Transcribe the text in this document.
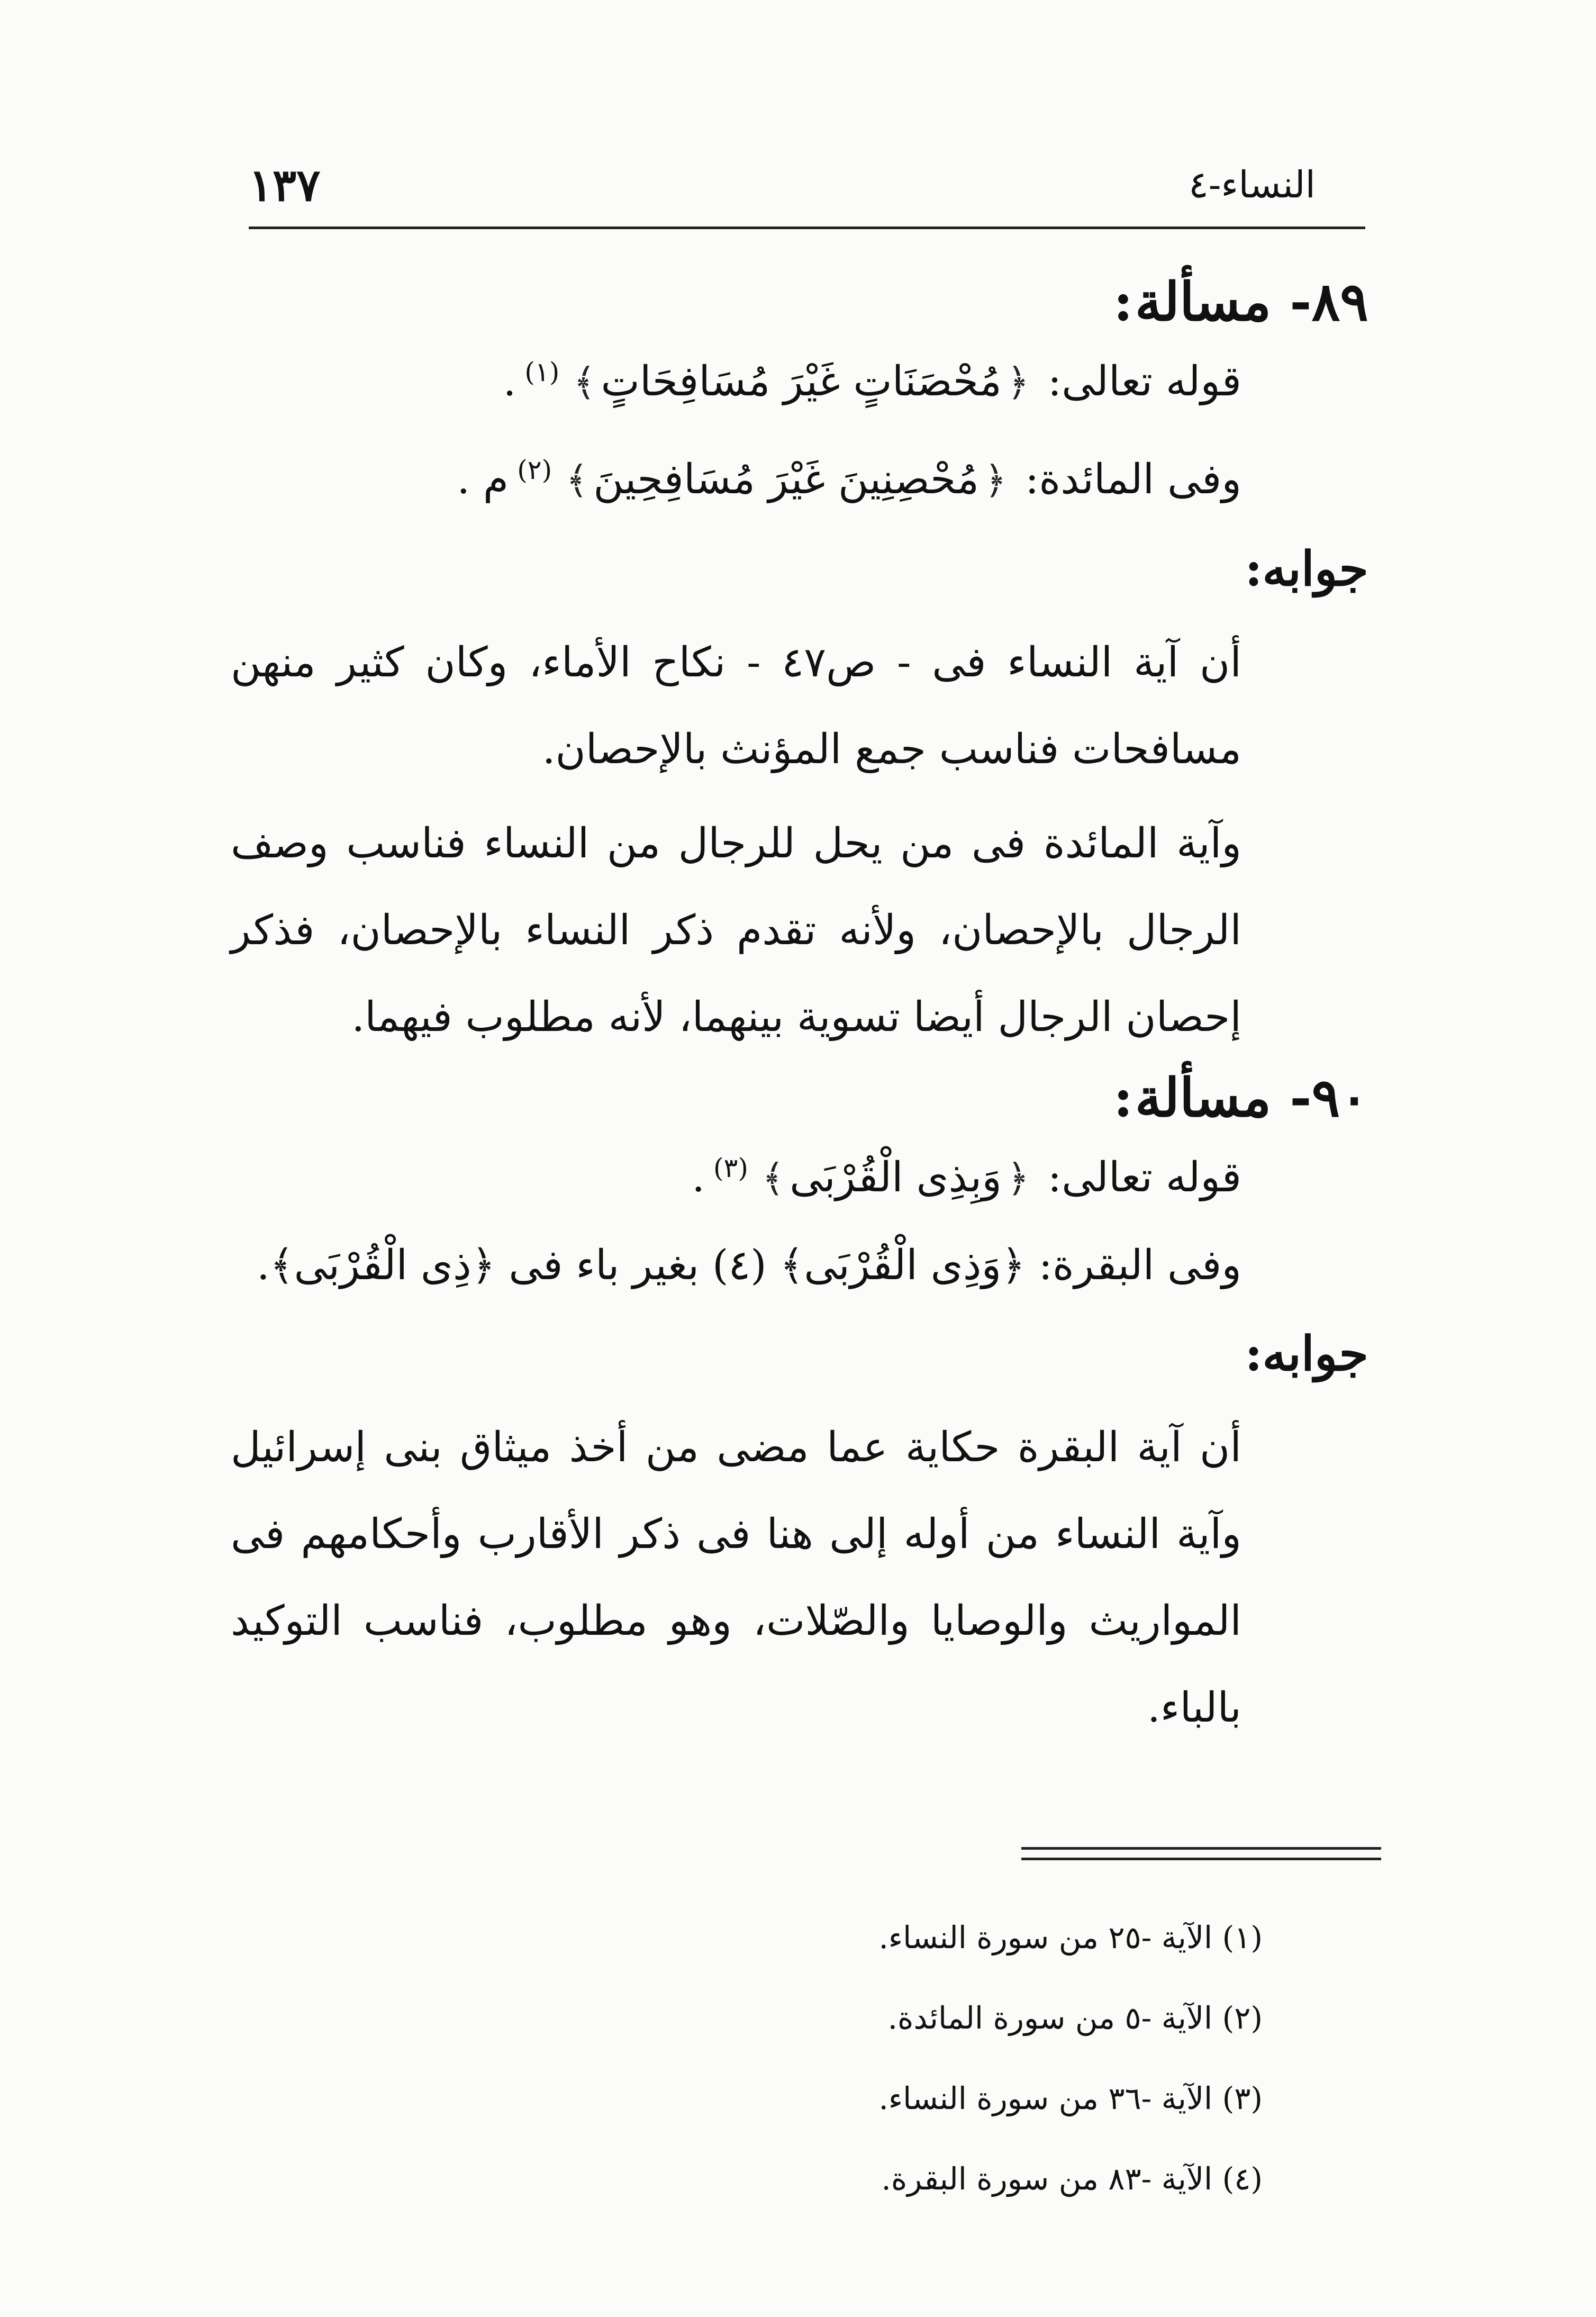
١٣٧	النساء-٤
٨٩- مسألة:
قوله تعالى: ﴿مُحْصَنَاتٍ غَيْرَ مُسَافِحَاتٍ﴾$^{(١)}$.
وفى المائدة: ﴿مُحْصِنِينَ غَيْرَ مُسَافِحِينَ﴾$^{(٢)}$م .
جوابه:

أن آية النساء فى - ص٤٧ - نكاح الأماء، وكان كثير منهن مسافحات فناسب جمع المؤنث بالإحصان.

وآية المائدة فى من يحل للرجال من النساء فناسب وصف الرجال بالإحصان، ولأنه تقدم ذكر النساء بالإحصان، فذكر إحصان الرجال أيضا تسوية بينهما، لأنه مطلوب فيهما.

٩٠- مسألة:
قوله تعالى: ﴿وَبِذِى الْقُرْبَى﴾$^{(٣)}$.

وفى البقرة: ﴿وَذِى الْقُرْبَى﴾ (٤) بغير باء فى ﴿ذِى الْقُرْبَى﴾.

جوابه:

أن آية البقرة حكاية عما مضى من أخذ ميثاق بنى إسرائيل وآية النساء من أوله إلى هنا فى ذكر الأقارب وأحكامهم فى المواريث والوصايا والصّلات، وهو مطلوب، فناسب التوكيد بالباء.

(١) الآية -٢٥ من سورة النساء.
(٢) الآية -٥ من سورة المائدة.
(٣) الآية -٣٦ من سورة النساء.
(٤) الآية -٨٣ من سورة البقرة.
